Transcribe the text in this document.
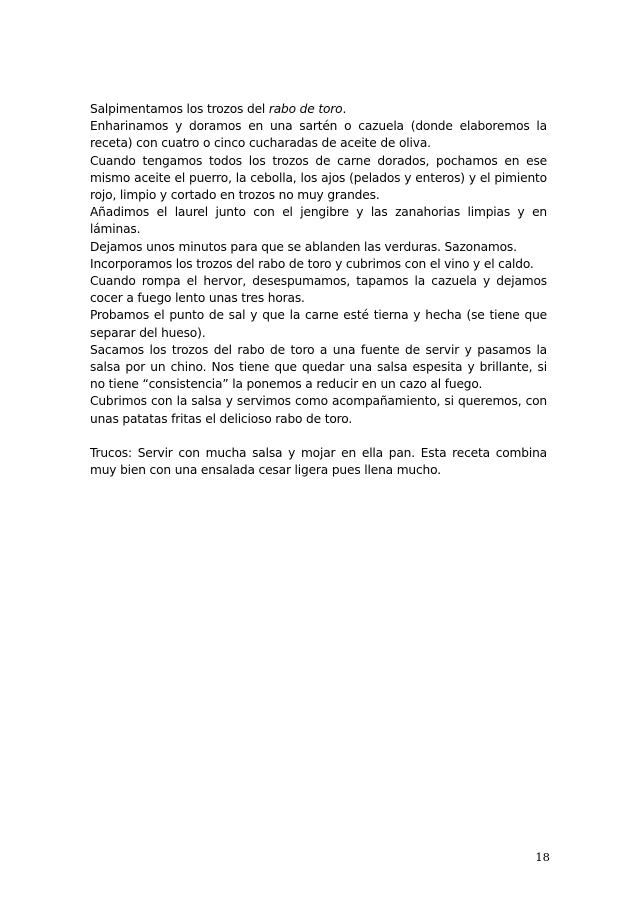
Salpimentamos los trozos del rabo de toro.

Enharinamos y doramos en una sartén o cazuela (donde elaboremos la receta) con cuatro o cinco cucharadas de aceite de oliva.

Cuando tengamos todos los trozos de carne dorados, pochamos en ese mismo aceite el puerro, la cebolla, los ajos (pelados y enteros) y el pimiento rojo, limpio y cortado en trozos no muy grandes.

Añadimos el laurel junto con el jengibre y las zanahorias limpias y en láminas.

Dejamos unos minutos para que se ablanden las verduras. Sazonamos.

Incorporamos los trozos del rabo de toro y cubrimos con el vino y el caldo.

Cuando rompa el hervor, desespumamos, tapamos la cazuela y dejamos cocer a fuego lento unas tres horas.

Probamos el punto de sal y que la carne esté tierna y hecha (se tiene que separar del hueso).

Sacamos los trozos del rabo de toro a una fuente de servir y pasamos la salsa por un chino. Nos tiene que quedar una salsa espesita y brillante, si no tiene “consistencia” la ponemos a reducir en un cazo al fuego.

Cubrimos con la salsa y servimos como acompañamiento, si queremos, con unas patatas fritas el delicioso rabo de toro.

Trucos: Servir con mucha salsa y mojar en ella pan. Esta receta combina muy bien con una ensalada cesar ligera pues llena mucho.

18
